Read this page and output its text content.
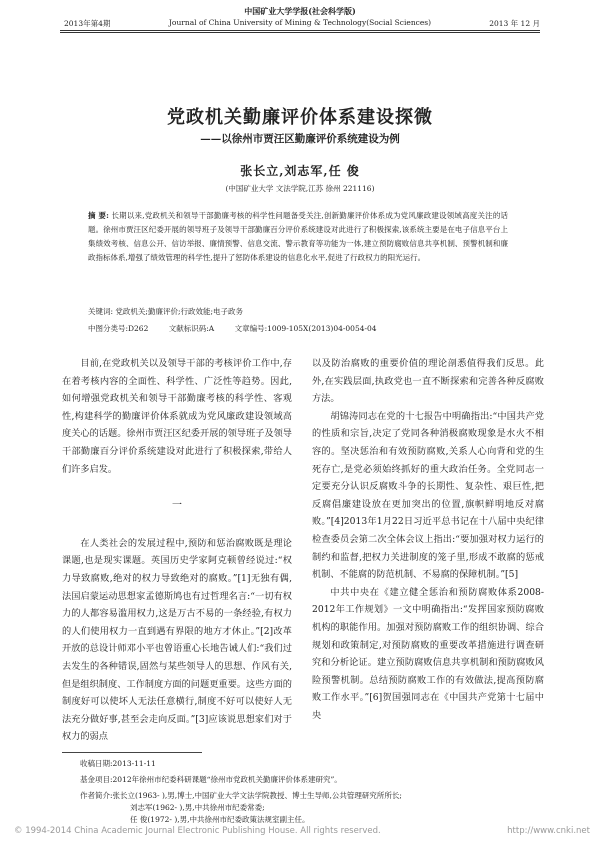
中国矿业大学学报(社会科学版)
2013年第4期	Journal of China University of Mining & Technology(Social Sciences)	2013 年 12 月
党政机关勤廉评价体系建设探微
——以徐州市贾汪区勤廉评价系统建设为例
张长立,刘志军,任 俊
(中国矿业大学 文法学院,江苏 徐州 221116)
摘 要: 长期以来,党政机关和领导干部勤廉考核的科学性问题备受关注,创新勤廉评价体系成为党风廉政建设领域高度关注的话题。徐州市贾汪区纪委开展的领导班子及领导干部勤廉百分评价系统建设对此进行了积极探索,该系统主要是在电子信息平台上集绩效考核、信息公开、信访举报、廉情预警、信息交流、警示教育等功能为一体,建立预防腐败信息共享机制、预警机制和廉政指标体系,增强了绩效管理的科学性,提升了惩防体系建设的信息化水平,促进了行政权力的阳光运行。
关键词: 党政机关;勤廉评价;行政效能;电子政务
中图分类号:D262	文献标识码:A	文章编号:1009-105X(2013)04-0054-04

目前,在党政机关以及领导干部的考核评价工作中,存在着考核内容的全面性、科学性、广泛性等趋势。因此,如何增强党政机关和领导干部勤廉考核的科学性、客观性,构建科学的勤廉评价体系就成为党风廉政建设领域高度关心的话题。徐州市贾汪区纪委开展的领导班子及领导干部勤廉百分评价系统建设对此进行了积极探索,带给人们许多启发。

一

在人类社会的发展过程中,预防和惩治腐败既是理论课题,也是现实课题。英国历史学家阿克顿曾经说过:“权力导致腐败,绝对的权力导致绝对的腐败。”[1]无独有偶,法国启蒙运动思想家孟德斯鸠也有过哲理名言:“一切有权力的人都容易滥用权力,这是万古不易的一条经验,有权力的人们使用权力一直到遇有界限的地方才休止。”[2]改革开放的总设计师邓小平也曾语重心长地告诫人们:“我们过去发生的各种错误,固然与某些领导人的思想、作风有关,但是组织制度、工作制度方面的问题更重要。这些方面的制度好可以使坏人无法任意横行,制度不好可以使好人无法充分做好事,甚至会走向反面。”[3]应该说思想家们对于权力的弱点

以及防治腐败的重要价值的理论剖悉值得我们反思。此外,在实践层面,执政党也一直不断探索和完善各种反腐败方法。

胡锦涛同志在党的十七报告中明确指出:“中国共产党的性质和宗旨,决定了党同各种消极腐败现象是水火不相容的。坚决惩治和有效预防腐败,关系人心向背和党的生死存亡,是党必须始终抓好的重大政治任务。全党同志一定要充分认识反腐败斗争的长期性、复杂性、艰巨性,把反腐倡廉建设放在更加突出的位置,旗帜鲜明地反对腐败。”[4]2013年1月22日习近平总书记在十八届中央纪律检查委员会第二次全体会议上指出:“要加强对权力运行的制约和监督,把权力关进制度的笼子里,形成不敢腐的惩戒机制、不能腐的防范机制、不易腐的保障机制。”[5]

中共中央在《建立健全惩治和预防腐败体系2008-2012年工作规划》一文中明确指出:“发挥国家预防腐败机构的职能作用。加强对预防腐败工作的组织协调、综合规划和政策制定,对预防腐败的重要改革措施进行调查研究和分析论证。建立预防腐败信息共享机制和预防腐败风险预警机制。总结预防腐败工作的有效做法,提高预防腐败工作水平。”[6]贺国强同志在《中国共产党第十七届中央

收稿日期:2013-11-11
基金项目:2012年徐州市纪委科研课题“徐州市党政机关勤廉评价体系建研究”。
作者简介:张长立(1963- ),男,博士,中国矿业大学文法学院教授、博士生导师,公共管理研究所所长;
刘志军(1962- ),男,中共徐州市纪委常委;
任 俊(1972- ),男,中共徐州市纪委政策法规室副主任。
© 1994-2014 China Academic Journal Electronic Publishing House. All rights reserved.	http://www.cnki.net
